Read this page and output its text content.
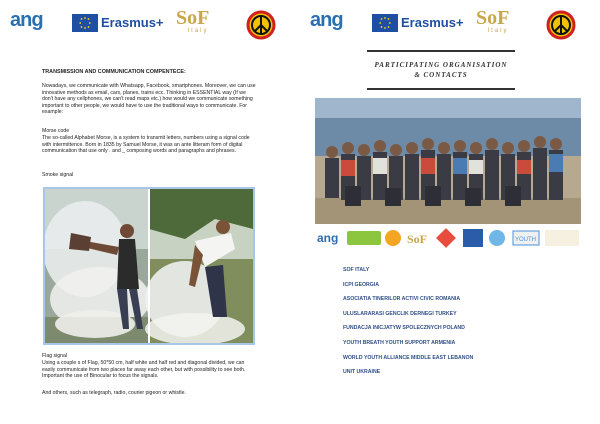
ang	Erasmus+ SoF
Italy
TRANSMISSION AND COMMUNICATION COMPENTECE:
Nowadays, we communicate with Whatsapp, Facebook, smartphones. Moreover, we can use innovative methods as email, cars, planes, trains ecc. Thinking in ESSENTIAL way (If we don't have any cellphones, we can't read maps etc.) how would we communicate something important to other people, we would have to use the traditional ways to communicate. For example:
Morse code
The so-called Alphabet Morse, is a system to transmit letters, numbers using a signal code with intermittence. Born in 1835 by Samuel Morse, it was an ante litteram form of digital communication that use only . and _ composing words and paragraphs and phrases.
Smoke signal
Flag signal
Using a couple s of Flag, 50*50 cm, half white and half red and diagonal divided, we can easily communicate from two places far away each other, but with possibility to see both. Important the use of Binocular to focus the signals.
And others, such as telegraph, radio, courier pigeon or whistle.
ang	Erasmus+ SoF
Italy
PARTICIPATING ORGANISATION
& CONTACTS
ang	SoF	YOUTH
SOF ITALY
ICPI GEORGIA
ASOCIATIA TINERILOR ACTIVI CIVIC ROMANIA
ULUSLARARASI GENCLIK DERNEGI TURKEY
FUNDACJA INICJATYW SPOLECZNYCH POLAND
YOUTH BREATH YOUTH SUPPORT ARMENIA
WORLD YOUTH ALLIANCE MIDDLE EAST LEBANON
UNIT UKRAINE
